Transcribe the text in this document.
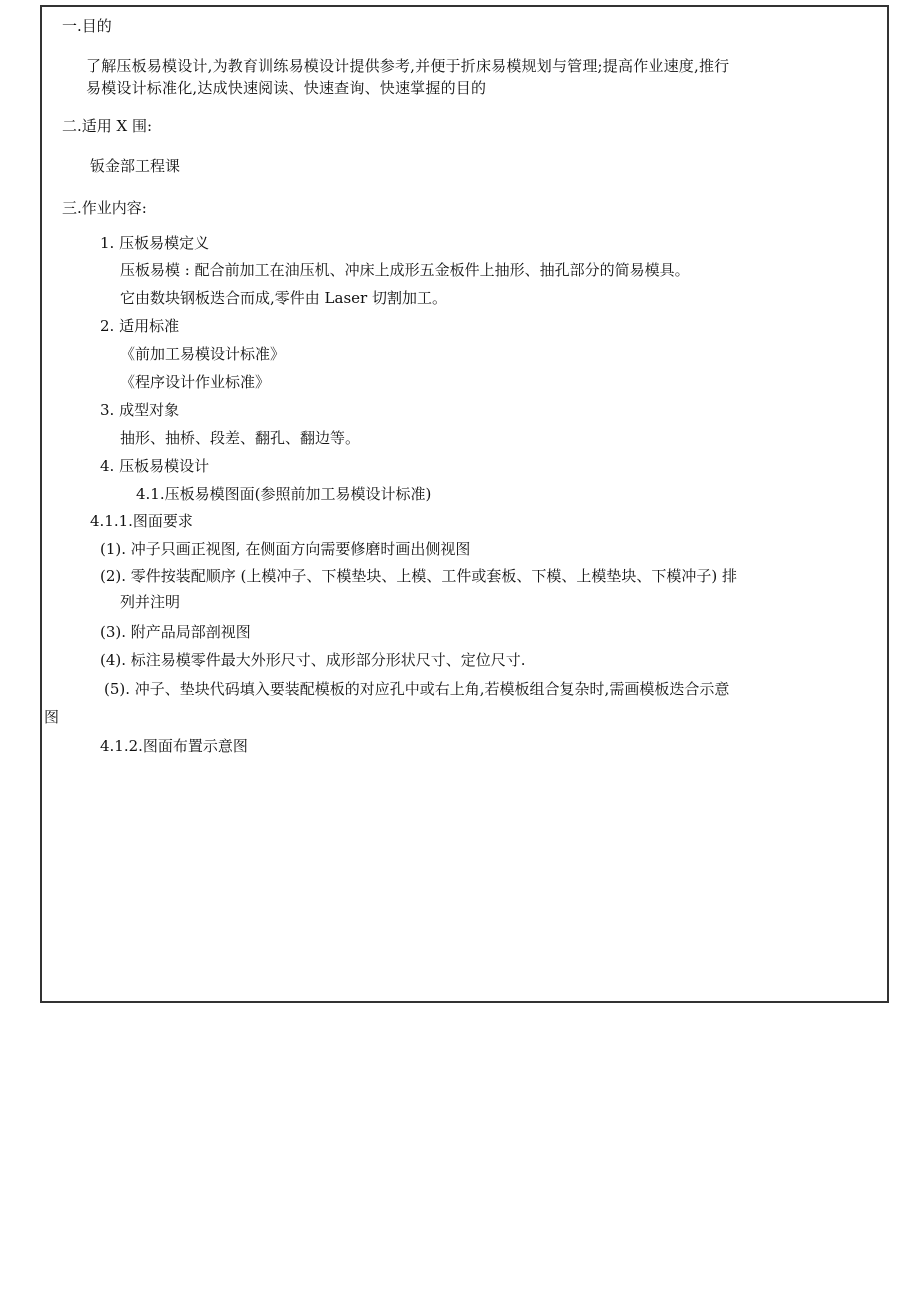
一.目的
了解压板易模设计,为教育训练易模设计提供参考,并便于折床易模规划与管理;提高作业速度,推行
易模设计标准化,达成快速阅读、快速查询、快速掌握的目的
二.适用 X 围:
钣金部工程课
三.作业内容:
1. 压板易模定义
压板易模 : 配合前加工在油压机、冲床上成形五金板件上抽形、抽孔部分的简易模具。
它由数块钢板迭合而成,零件由 Laser 切割加工。
2. 适用标准
《前加工易模设计标准》
《程序设计作业标准》
3. 成型对象
抽形、抽桥、段差、翻孔、翻边等。
4. 压板易模设计
4.1.压板易模图面(参照前加工易模设计标准)
4.1.1.图面要求
(1). 冲子只画正视图, 在侧面方向需要修磨时画出侧视图
(2). 零件按装配顺序 (上模冲子、下模垫块、上模、工件或套板、下模、上模垫块、下模冲子) 排
列并注明
(3). 附产品局部剖视图
(4). 标注易模零件最大外形尺寸、成形部分形状尺寸、定位尺寸.
(5). 冲子、垫块代码填入要装配模板的对应孔中或右上角,若模板组合复杂时,需画模板迭合示意
图
4.1.2.图面布置示意图
